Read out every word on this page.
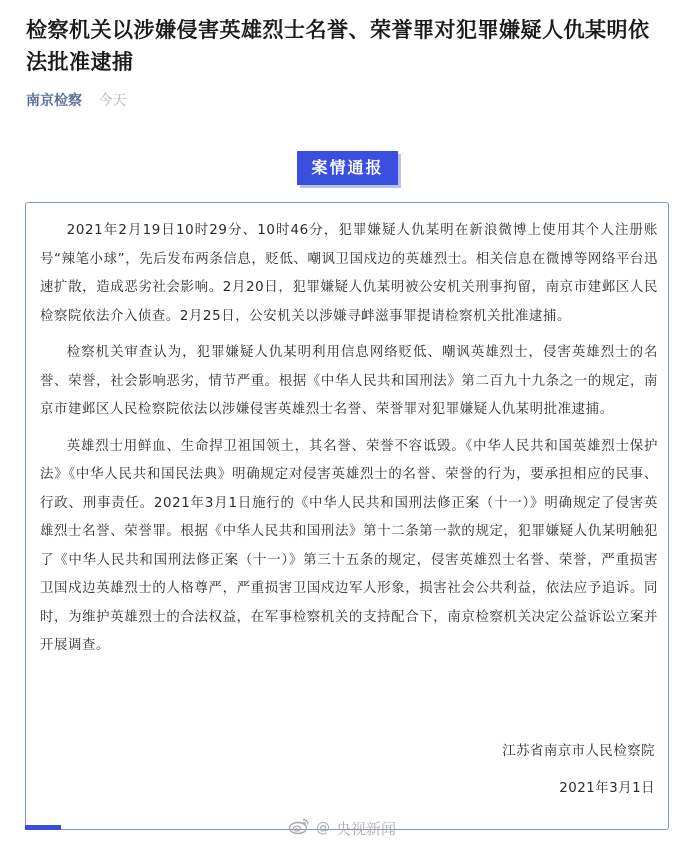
检察机关以涉嫌侵害英雄烈士名誉、荣誉罪对犯罪嫌疑人仇某明依法批准逮捕
南京检察 今天
案情通报

2021年2月19日10时29分、10时46分，犯罪嫌疑人仇某明在新浪微博上使用其个人注册账号“辣笔小球”，先后发布两条信息，贬低、嘲讽卫国戍边的英雄烈士。相关信息在微博等网络平台迅速扩散，造成恶劣社会影响。2月20日，犯罪嫌疑人仇某明被公安机关刑事拘留，南京市建邺区人民检察院依法介入侦查。2月25日，公安机关以涉嫌寻衅滋事罪提请检察机关批准逮捕。

检察机关审查认为，犯罪嫌疑人仇某明利用信息网络贬低、嘲讽英雄烈士，侵害英雄烈士的名誉、荣誉，社会影响恶劣，情节严重。根据《中华人民共和国刑法》第二百九十九条之一的规定，南京市建邺区人民检察院依法以涉嫌侵害英雄烈士名誉、荣誉罪对犯罪嫌疑人仇某明批准逮捕。

英雄烈士用鲜血、生命捍卫祖国领土，其名誉、荣誉不容诋毁。《中华人民共和国英雄烈士保护法》《中华人民共和国民法典》明确规定对侵害英雄烈士的名誉、荣誉的行为，要承担相应的民事、行政、刑事责任。2021年3月1日施行的《中华人民共和国刑法修正案（十一）》明确规定了侵害英雄烈士名誉、荣誉罪。根据《中华人民共和国刑法》第十二条第一款的规定，犯罪嫌疑人仇某明触犯了《中华人民共和国刑法修正案（十一）》第三十五条的规定，侵害英雄烈士名誉、荣誉，严重损害卫国戍边英雄烈士的人格尊严，严重损害卫国戍边军人形象，损害社会公共利益，依法应予追诉。同时，为维护英雄烈士的合法权益，在军事检察机关的支持配合下，南京检察机关决定公益诉讼立案并开展调查。

江苏省南京市人民检察院
2021年3月1日
@ 央视新闻
